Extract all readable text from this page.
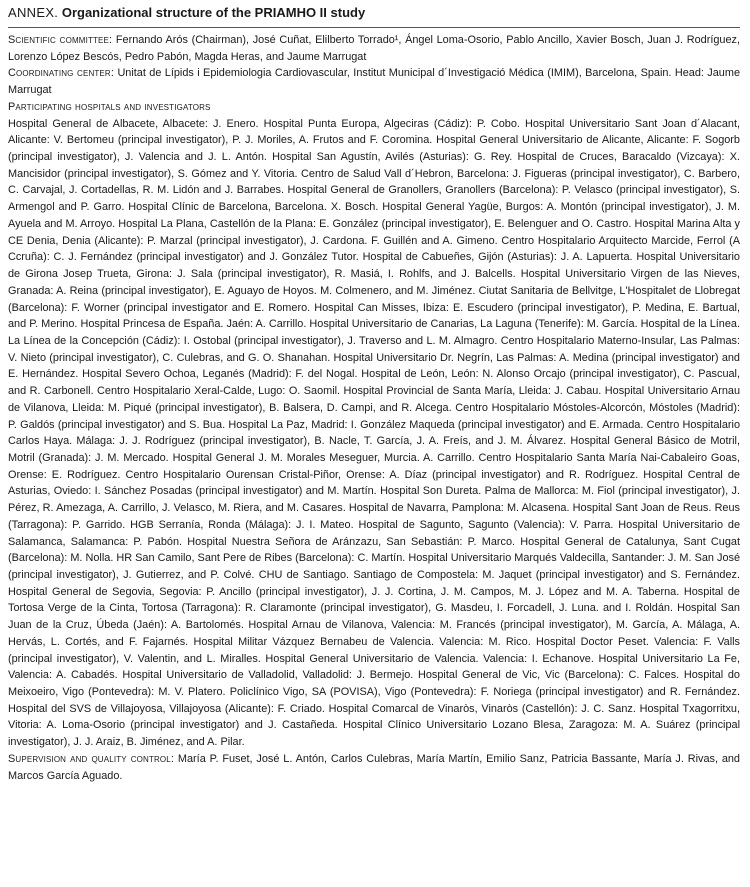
ANNEX. Organizational structure of the PRIAMHO II study

Scientific committee: Fernando Arós (Chairman), José Cuñat, Elilberto Torrado¹, Ángel Loma-Osorio, Pablo Ancillo, Xavier Bosch, Juan J. Rodríguez, Lorenzo López Bescós, Pedro Pabón, Magda Heras, and Jaume Marrugat

Coordinating center: Unitat de Lípids i Epidemiologia Cardiovascular, Institut Municipal d´Investigació Médica (IMIM), Barcelona, Spain. Head: Jaume Marrugat

Participating hospitals and investigators

Hospital General de Albacete, Albacete: J. Enero. Hospital Punta Europa, Algeciras (Cádiz): P. Cobo. Hospital Universitario Sant Joan d´Alacant, Alicante: V. Bertomeu (principal investigator), P. J. Moriles, A. Frutos and F. Coromina. Hospital General Universitario de Alicante, Alicante: F. Sogorb (principal investigator), J. Valencia and J. L. Antón. Hospital San Agustín, Avilés (Asturias): G. Rey. Hospital de Cruces, Baracaldo (Vizcaya): X. Mancisidor (principal investigator), S. Gómez and Y. Vitoria. Centro de Salud Vall d´Hebron, Barcelona: J. Figueras (principal investigator), C. Barbero, C. Carvajal, J. Cortadellas, R. M. Lidón and J. Barrabes. Hospital General de Granollers, Granollers (Barcelona): P. Velasco (principal investigator), S. Armengol and P. Garro. Hospital Clínic de Barcelona, Barcelona. X. Bosch. Hospital General Yagüe, Burgos: A. Montón (principal investigator), J. M. Ayuela and M. Arroyo. Hospital La Plana, Castellón de la Plana: E. González (principal investigator), E. Belenguer and O. Castro. Hospital Marina Alta y CE Denia, Denia (Alicante): P. Marzal (principal investigator), J. Cardona. F. Guillén and A. Gimeno. Centro Hospitalario Arquitecto Marcide, Ferrol (A Ccruña): C. J. Fernández (principal investigator) and J. González Tutor. Hospital de Cabueñes, Gijón (Asturias): J. A. Lapuerta. Hospital Universitario de Girona Josep Trueta, Girona: J. Sala (principal investigator), R. Masiá, I. Rohlfs, and J. Balcells. Hospital Universitario Virgen de las Nieves, Granada: A. Reina (principal investigator), E. Aguayo de Hoyos. M. Colmenero, and M. Jiménez. Ciutat Sanitaria de Bellvitge, L'Hospitalet de Llobregat (Barcelona): F. Worner (principal investigator and E. Romero. Hospital Can Misses, Ibiza: E. Escudero (principal investigator), P. Medina, E. Bartual, and P. Merino. Hospital Princesa de España. Jaén: A. Carrillo. Hospital Universitario de Canarias, La Laguna (Tenerife): M. García. Hospital de la Línea. La Línea de la Concepción (Cádiz): I. Ostobal (principal investigator), J. Traverso and L. M. Almagro. Centro Hospitalario Materno-Insular, Las Palmas: V. Nieto (principal investigator), C. Culebras, and G. O. Shanahan. Hospital Universitario Dr. Negrín, Las Palmas: A. Medina (principal investigator) and E. Hernández. Hospital Severo Ochoa, Leganés (Madrid): F. del Nogal. Hospital de León, León: N. Alonso Orcajo (principal investigator), C. Pascual, and R. Carbonell. Centro Hospitalario Xeral-Calde, Lugo: O. Saomil. Hospital Provincial de Santa María, Lleida: J. Cabau. Hospital Universitario Arnau de Vilanova, Lleida: M. Piqué (principal investigator), B. Balsera, D. Campi, and R. Alcega. Centro Hospitalario Móstoles-Alcorcón, Móstoles (Madrid): P. Galdós (principal investigator) and S. Bua. Hospital La Paz, Madrid: I. González Maqueda (principal investigator) and E. Armada. Centro Hospitalario Carlos Haya. Málaga: J. J. Rodríguez (principal investigator), B. Nacle, T. García, J. A. Freís, and J. M. Álvarez. Hospital General Básico de Motril, Motril (Granada): J. M. Mercado. Hospital General J. M. Morales Meseguer, Murcia. A. Carrillo. Centro Hospitalario Santa María Nai-Cabaleiro Goas, Orense: E. Rodríguez. Centro Hospitalario Ourensan Cristal-Piñor, Orense: A. Díaz (principal investigator) and R. Rodríguez. Hospital Central de Asturias, Oviedo: I. Sánchez Posadas (principal investigator) and M. Martín. Hospital Son Dureta. Palma de Mallorca: M. Fiol (principal investigator), J. Pérez, R. Amezaga, A. Carrillo, J. Velasco, M. Riera, and M. Casares. Hospital de Navarra, Pamplona: M. Alcasena. Hospital Sant Joan de Reus. Reus (Tarragona): P. Garrido. HGB Serranía, Ronda (Málaga): J. I. Mateo. Hospital de Sagunto, Sagunto (Valencia): V. Parra. Hospital Universitario de Salamanca, Salamanca: P. Pabón. Hospital Nuestra Señora de Aránzazu, San Sebastián: P. Marco. Hospital General de Catalunya, Sant Cugat (Barcelona): M. Nolla. HR San Camilo, Sant Pere de Ribes (Barcelona): C. Martín. Hospital Universitario Marqués Valdecilla, Santander: J. M. San José (principal investigator), J. Gutierrez, and P. Colvé. CHU de Santiago. Santiago de Compostela: M. Jaquet (principal investigator) and S. Fernández. Hospital General de Segovia, Segovia: P. Ancillo (principal investigator), J. J. Cortina, J. M. Campos, M. J. López and M. A. Taberna. Hospital de Tortosa Verge de la Cinta, Tortosa (Tarragona): R. Claramonte (principal investigator), G. Masdeu, I. Forcadell, J. Luna. and I. Roldán. Hospital San Juan de la Cruz, Úbeda (Jaén): A. Bartolomés. Hospital Arnau de Vilanova, Valencia: M. Francés (principal investigator), M. García, A. Málaga, A. Hervás, L. Cortés, and F. Fajarnés. Hospital Militar Vázquez Bernabeu de Valencia. Valencia: M. Rico. Hospital Doctor Peset. Valencia: F. Valls (principal investigator), V. Valentin, and L. Miralles. Hospital General Universitario de Valencia. Valencia: I. Echanove. Hospital Universitario La Fe, Valencia: A. Cabadés. Hospital Universitario de Valladolid, Valladolid: J. Bermejo. Hospital General de Vic, Vic (Barcelona): C. Falces. Hospital do Meixoeiro, Vigo (Pontevedra): M. V. Platero. Policlínico Vigo, SA (POVISA), Vigo (Pontevedra): F. Noriega (principal investigator) and R. Fernández. Hospital del SVS de Villajoyosa, Villajoyosa (Alicante): F. Criado. Hospital Comarcal de Vinaròs, Vinaròs (Castellón): J. C. Sanz. Hospital Txagorritxu, Vitoria: A. Loma-Osorio (principal investigator) and J. Castañeda. Hospital Clínico Universitario Lozano Blesa, Zaragoza: M. A. Suárez (principal investigator), J. J. Araiz, B. Jiménez, and A. Pilar.

Supervision and quality control: María P. Fuset, José L. Antón, Carlos Culebras, María Martín, Emilio Sanz, Patricia Bassante, María J. Rivas, and Marcos García Aguado.
